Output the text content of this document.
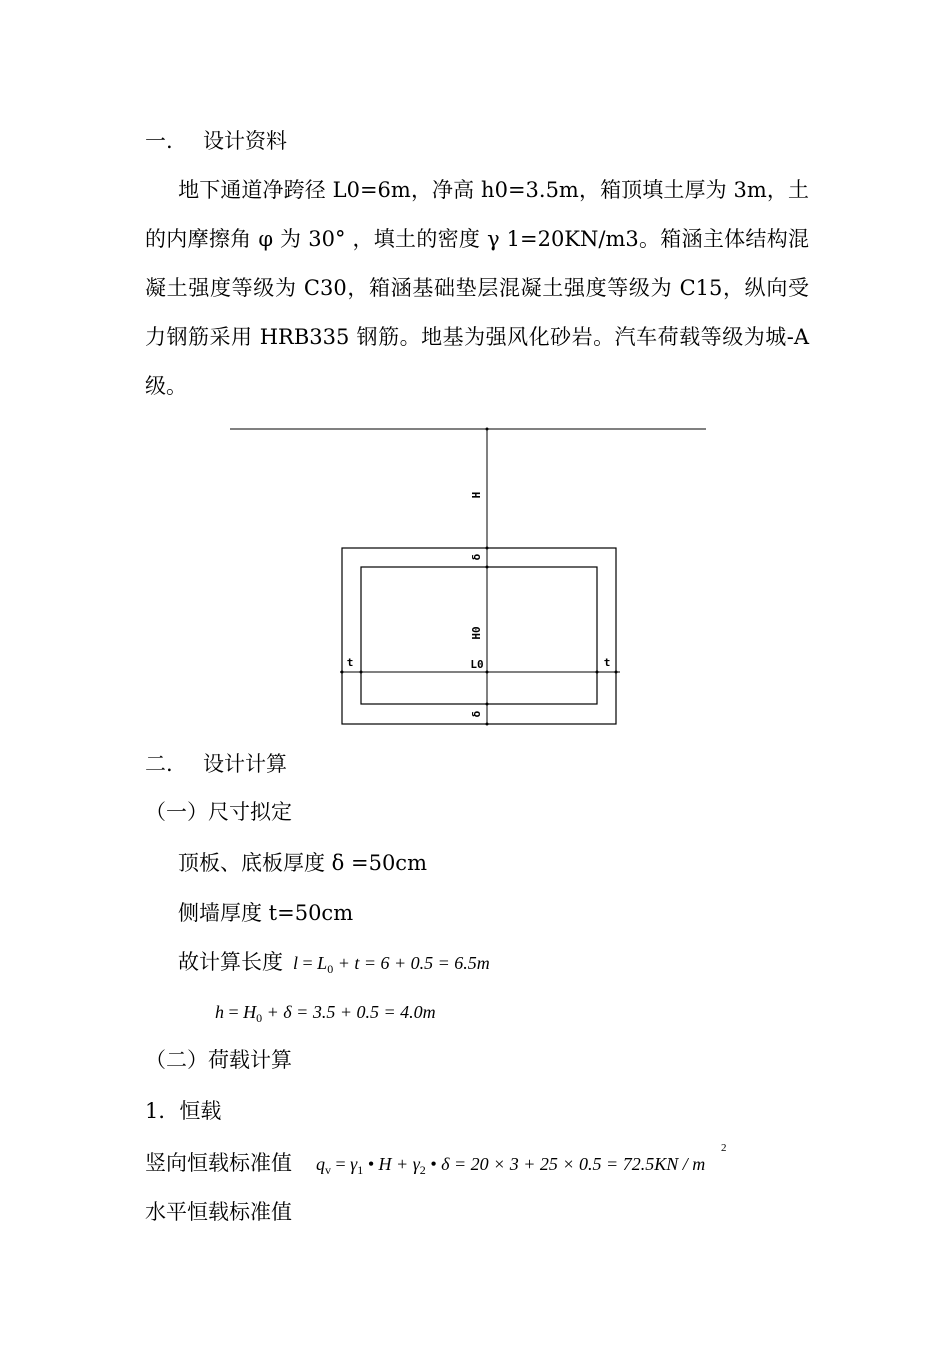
一. 设计资料
地下通道净跨径 L0=6m，净高 h0=3.5m，箱顶填土厚为 3m，土的内摩擦角 φ 为 30° ，填土的密度 γ 1=20KN/m3。箱涵主体结构混凝土强度等级为 C30，箱涵基础垫层混凝土强度等级为 C15，纵向受力钢筋采用 HRB335 钢筋。地基为强风化砂岩。汽车荷载等级为城-A 级。
H
δ
H0
L0
t	t
δ
二. 设计计算
（一）尺寸拟定
顶板、底板厚度 δ =50cm
侧墙厚度 t=50cm
故计算长度 $l = L_0 + t = 6 + 0.5 = 6.5m$
$h = H_0 + \delta = 3.5 + 0.5 = 4.0m$
（二）荷载计算
1．恒载
竖向恒载标准值 $q_v = \gamma_1$ • $H + \gamma_2$ • δ = 20 × 3 + 25 × 0.5 = 72.5KN / m
2
水平恒载标准值
